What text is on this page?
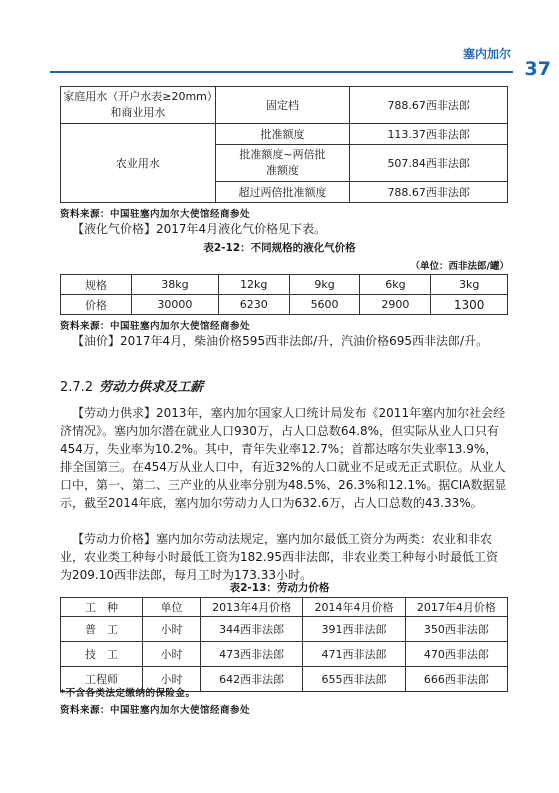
塞内加尔
37
家庭用水（开户水表≥20mm）和商业用水	固定档	788.67西非法郎
农业用水	批准额度	113.37西非法郎
	批准额度~两倍批准额度	507.84西非法郎
	超过两倍批准额度	788.67西非法郎
资料来源：中国驻塞内加尔大使馆经商参处

【液化气价格】2017年4月液化气价格见下表。

表2-12：不同规格的液化气价格
（单位：西非法郎/罐）
规格	38kg	12kg	9kg	6kg	3kg
价格	30000	6230	5600	2900	1300
资料来源：中国驻塞内加尔大使馆经商参处

【油价】2017年4月，柴油价格595西非法郎/升，汽油价格695西非法郎/升。

2.7.2 劳动力供求及工薪

【劳动力供求】2013年，塞内加尔国家人口统计局发布《2011年塞内加尔社会经济情况》。塞内加尔潜在就业人口930万，占人口总数64.8%，但实际从业人口只有454万，失业率为10.2%。其中，青年失业率12.7%；首都达喀尔失业率13.9%，排全国第三。在454万从业人口中，有近32%的人口就业不足或无正式职位。从业人口中，第一、第二、三产业的从业率分别为48.5%、26.3%和12.1%。据CIA数据显示，截至2014年底，塞内加尔劳动力人口为632.6万，占人口总数的43.33%。

【劳动力价格】塞内加尔劳动法规定，塞内加尔最低工资分为两类：农业和非农业，农业类工种每小时最低工资为182.95西非法郎，非农业类工种每小时最低工资为209.10西非法郎，每月工时为173.33小时。

表2-13：劳动力价格
工　种	单位	2013年4月价格	2014年4月价格	2017年4月价格
普　工	小时	344西非法郎	391西非法郎	350西非法郎
技　工	小时	473西非法郎	471西非法郎	470西非法郎
工程师	小时	642西非法郎	655西非法郎	666西非法郎
*不含各类法定缴纳的保险金。
资料来源：中国驻塞内加尔大使馆经商参处
